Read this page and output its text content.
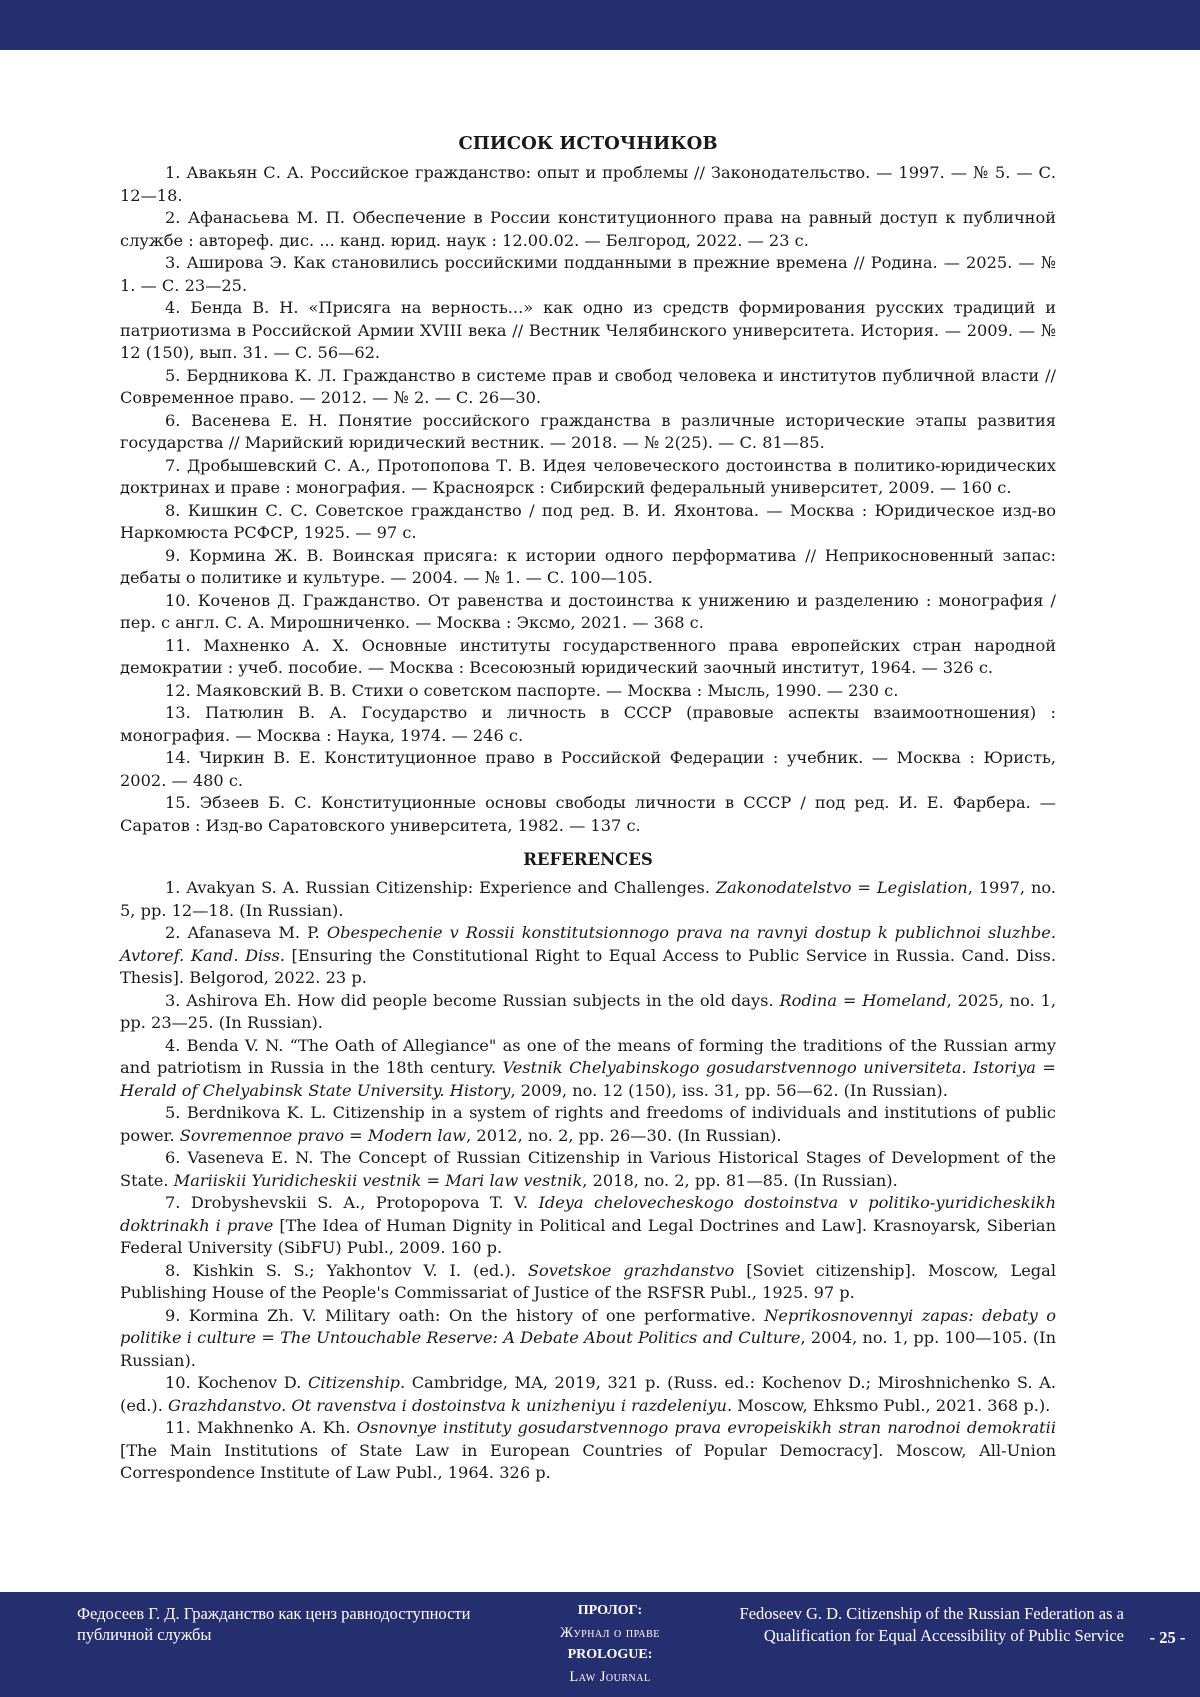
СПИСОК ИСТОЧНИКОВ

1. Авакьян С. А. Российское гражданство: опыт и проблемы // Законодательство. — 1997. — № 5. — С. 12—18.

2. Афанасьева М. П. Обеспечение в России конституционного права на равный доступ к публичной службе : автореф. дис. ... канд. юрид. наук : 12.00.02. — Белгород, 2022. — 23 с.

3. Аширова Э. Как становились российскими подданными в прежние времена // Родина. — 2025. — № 1. — С. 23—25.

4. Бенда В. Н. «Присяга на верность...» как одно из средств формирования русских традиций и патриотизма в Российской Армии XVIII века // Вестник Челябинского университета. История. — 2009. — № 12 (150), вып. 31. — С. 56—62.

5. Бердникова К. Л. Гражданство в системе прав и свобод человека и институтов публичной власти // Современное право. — 2012. — № 2. — С. 26—30.

6. Васенева Е. Н. Понятие российского гражданства в различные исторические этапы развития государства // Марийский юридический вестник. — 2018. — № 2(25). — С. 81—85.

7. Дробышевский С. А., Протопопова Т. В. Идея человеческого достоинства в политико-юридических доктринах и праве : монография. — Красноярск : Сибирский федеральный университет, 2009. — 160 с.

8. Кишкин С. С. Советское гражданство / под ред. В. И. Яхонтова. — Москва : Юридическое изд-во Наркомюста РСФСР, 1925. — 97 с.

9. Кормина Ж. В. Воинская присяга: к истории одного перформатива // Неприкосновенный запас: дебаты о политике и культуре. — 2004. — № 1. — С. 100—105.

10. Коченов Д. Гражданство. От равенства и достоинства к унижению и разделению : монография / пер. с англ. С. А. Мирошниченко. — Москва : Эксмо, 2021. — 368 с.

11. Махненко А. Х. Основные институты государственного права европейских стран народной демократии : учеб. пособие. — Москва : Всесоюзный юридический заочный институт, 1964. — 326 с.

12. Маяковский В. В. Стихи о советском паспорте. — Москва : Мысль, 1990. — 230 с.

13. Патюлин В. А. Государство и личность в СССР (правовые аспекты взаимоотношения) : монография. — Москва : Наука, 1974. — 246 с.

14. Чиркин В. Е. Конституционное право в Российской Федерации : учебник. — Москва : Юристь, 2002. — 480 с.

15. Эбзеев Б. С. Конституционные основы свободы личности в СССР / под ред. И. Е. Фарбера. — Саратов : Изд-во Саратовского университета, 1982. — 137 с.

REFERENCES

1. Avakyan S. A. Russian Citizenship: Experience and Challenges. Zakonodatelstvo = Legislation, 1997, no. 5, pp. 12—18. (In Russian).

2. Afanaseva M. P. Obespechenie v Rossii konstitutsionnogo prava na ravnyi dostup k publichnoi sluzhbe. Avtoref. Kand. Diss. [Ensuring the Constitutional Right to Equal Access to Public Service in Russia. Cand. Diss. Thesis]. Belgorod, 2022. 23 p.

3. Ashirova Eh. How did people become Russian subjects in the old days. Rodina = Homeland, 2025, no. 1, pp. 23—25. (In Russian).

4. Benda V. N. “The Oath of Allegiance" as one of the means of forming the traditions of the Russian army and patriotism in Russia in the 18th century. Vestnik Chelyabinskogo gosudarstvennogo universiteta. Istoriya = Herald of Chelyabinsk State University. History, 2009, no. 12 (150), iss. 31, pp. 56—62. (In Russian).

5. Berdnikova K. L. Citizenship in a system of rights and freedoms of individuals and institutions of public power. Sovremennoe pravo = Modern law, 2012, no. 2, pp. 26—30. (In Russian).

6. Vaseneva E. N. The Concept of Russian Citizenship in Various Historical Stages of Development of the State. Mariiskii Yuridicheskii vestnik = Mari law vestnik, 2018, no. 2, pp. 81—85. (In Russian).

7. Drobyshevskii S. A., Protopopova T. V. Ideya chelovecheskogo dostoinstva v politiko-yuridicheskikh doktrinakh i prave [The Idea of Human Dignity in Political and Legal Doctrines and Law]. Krasnoyarsk, Siberian Federal University (SibFU) Publ., 2009. 160 p.

8. Kishkin S. S.; Yakhontov V. I. (ed.). Sovetskoe grazhdanstvo [Soviet citizenship]. Moscow, Legal Publishing House of the People's Commissariat of Justice of the RSFSR Publ., 1925. 97 p.

9. Kormina Zh. V. Military oath: On the history of one performative. Neprikosnovennyi zapas: debaty o politike i culture = The Untouchable Reserve: A Debate About Politics and Culture, 2004, no. 1, pp. 100—105. (In Russian).

10. Kochenov D. Citizenship. Cambridge, MA, 2019, 321 p. (Russ. ed.: Kochenov D.; Miroshnichenko S. A. (ed.). Grazhdanstvo. Ot ravenstva i dostoinstva k unizheniyu i razdeleniyu. Moscow, Ehksmo Publ., 2021. 368 p.).

11. Makhnenko A. Kh. Osnovnye instituty gosudarstvennogo prava evropeiskikh stran narodnoi demokratii [The Main Institutions of State Law in European Countries of Popular Democracy]. Moscow, All-Union Correspondence Institute of Law Publ., 1964. 326 p.

Федосеев Г. Д. Гражданство как ценз равнодоступности публичной службы
ПРОЛОГ:
Журнал о праве
PROLOGUE:
Law Journal
Fedoseev G. D. Citizenship of the Russian Federation as a Qualification for Equal Accessibility of Public Service	- 25 -
